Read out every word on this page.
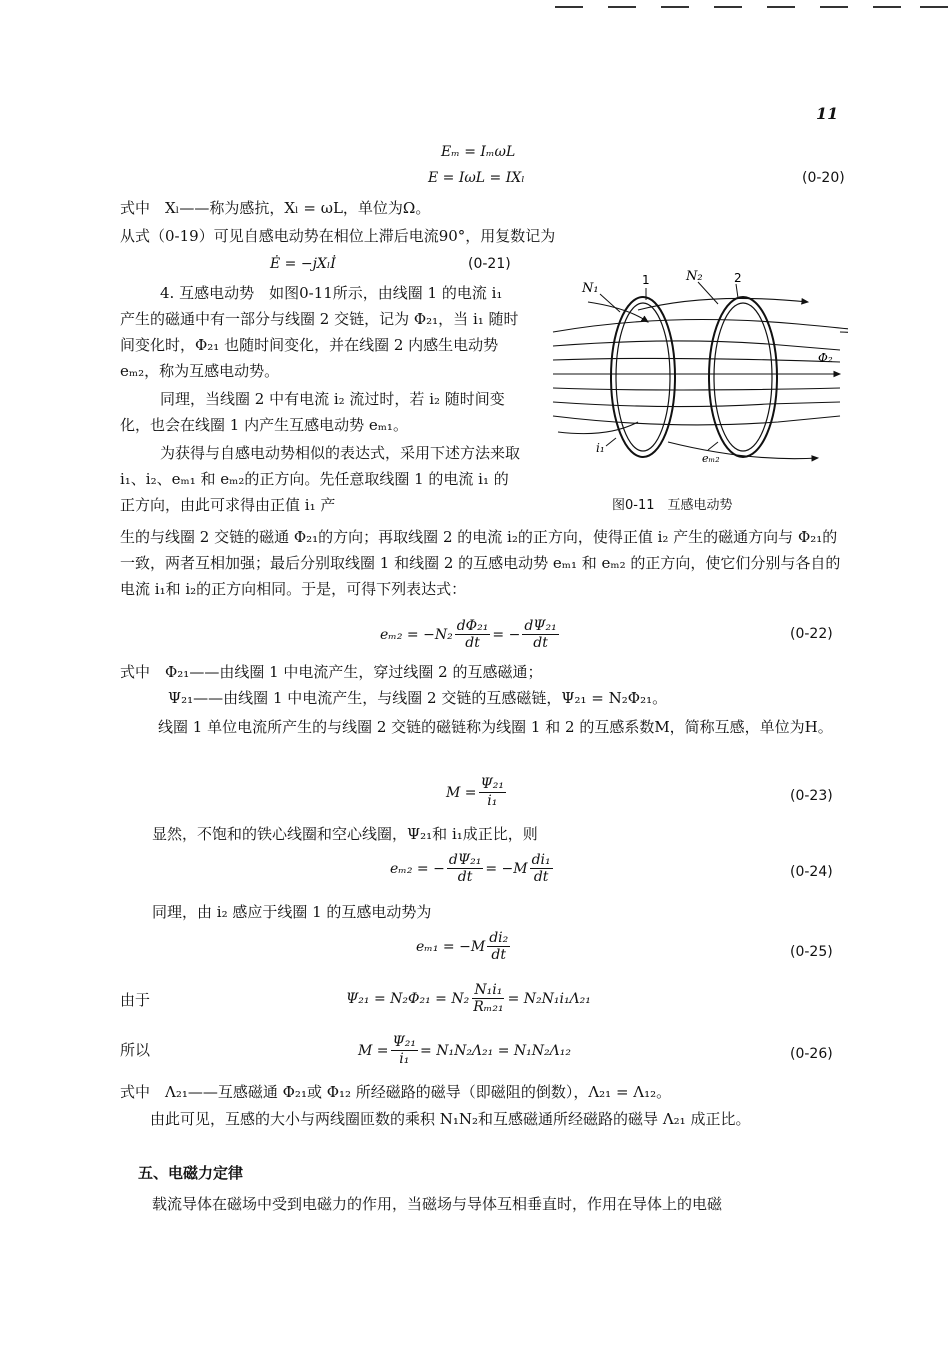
11
Eₘ = IₘωL
E = IωL = IXₗ	(0-20)
式中　Xₗ——称为感抗，Xₗ = ωL，单位为Ω。
从式（0-19）可见自感电动势在相位上滞后电流90°，用复数记为
Ė = −jXₗİ	(0-21)
4. 互感电动势　如图0-11所示，由线圈 1 的电流 i₁ 产生的磁通中有一部分与线圈 2 交链，记为 Φ₂₁，当 i₁ 随时间变化时，Φ₂₁ 也随时间变化，并在线圈 2 内感生电动势 eₘ₂，称为互感电动势。
同理，当线圈 2 中有电流 i₂ 流过时，若 i₂ 随时间变化，也会在线圈 1 内产生互感电动势 eₘ₁。
为获得与自感电动势相似的表达式，采用下述方法来取 i₁、i₂、eₘ₁ 和 eₘ₂的正方向。先任意取线圈 1 的电流 i₁ 的正方向，由此可求得由正值 i₁ 产
生的与线圈 2 交链的磁通 Φ₂₁的方向；再取线圈 2 的电流 i₂的正方向，使得正值 i₂ 产生的磁通方向与 Φ₂₁的一致，两者互相加强；最后分别取线圈 1 和线圈 2 的互感电动势 eₘ₁ 和 eₘ₂ 的正方向，使它们分别与各自的电流 i₁和 i₂的正方向相同。于是，可得下列表达式：
N₁
1	N₂	2
Φ₂
i₁
eₘ₂
图0-11　互感电动势
$e_{m2} = -N_2 \frac{\text{dΦ₂₁}}{dt}$ = − $\frac{\text{dΨ₂₁}}{dt}$	(0-22)
式中　Φ₂₁——由线圈 1 中电流产生，穿过线圈 2 的互感磁通；
Ψ₂₁——由线圈 1 中电流产生，与线圈 2 交链的互感磁链，Ψ₂₁ = N₂Φ₂₁。
线圈 1 单位电流所产生的与线圈 2 交链的磁链称为线圈 1 和 2 的互感系数M，简称互感，单位为H。
$M = \frac{\text{Ψ₂₁}}{\text{i₁}}$	(0-23)
显然，不饱和的铁心线圈和空心线圈，Ψ₂₁和 i₁成正比，则
eₘ₂ = − $\frac{\text{dΨ₂₁}}{dt} = -M \frac{\text{di₁}}{dt}$	(0-24)
同理，由 i₂ 感应于线圈 1 的互感电动势为
$e_{m1} = -M \frac{\text{di₂}}{dt}$	(0-25)
由于	$\Psi_{21} = N_2\Phi_{21} = N_2 \frac{\text{N₁i₁}}{\text{Rₘ₂₁}} = N_2N_1i_1\Lambda_{21}$
所以	$M = \frac{\text{Ψ₂₁}}{\text{i₁}} = N_1N_2\Lambda_{21} = N_1N_2\Lambda_{12}$	(0-26)
式中　Λ₂₁——互感磁通 Φ₂₁或 Φ₁₂ 所经磁路的磁导（即磁阻的倒数），Λ₂₁ = Λ₁₂。
由此可见，互感的大小与两线圈匝数的乘积 N₁N₂和互感磁通所经磁路的磁导 Λ₂₁ 成正比。
五、电磁力定律
载流导体在磁场中受到电磁力的作用，当磁场与导体互相垂直时，作用在导体上的电磁
